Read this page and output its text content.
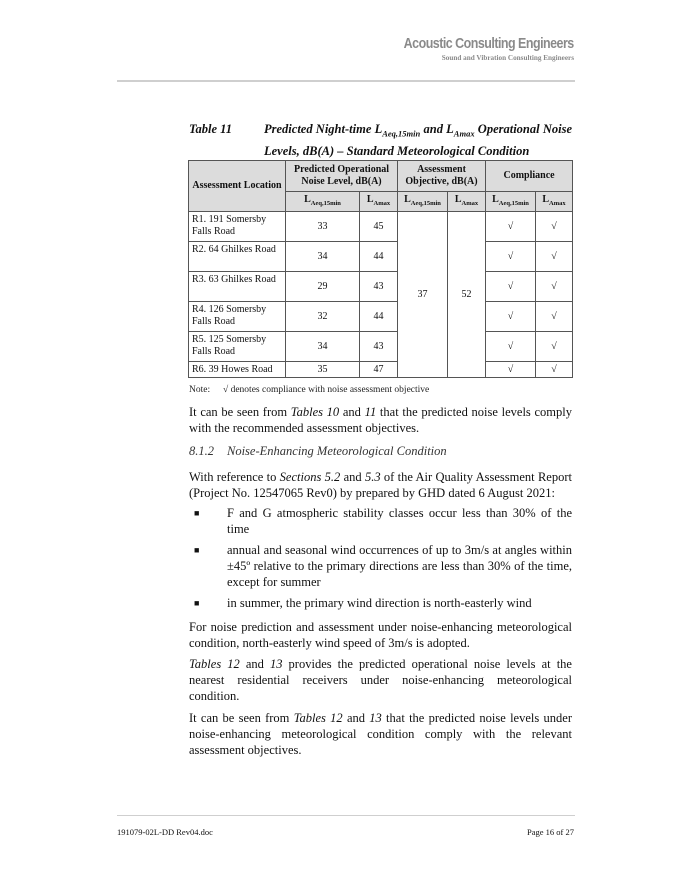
Acoustic Consulting Engineers
Sound and Vibration Consulting Engineers
Table 11	Predicted Night-time $L_{Aeq,15min}$ and $L_{Amax}$ Operational Noise Levels, dB(A) – Standard Meteorological Condition
Assessment Location	Predicted Operational Noise Level, dB(A)		Assessment Objective, dB(A)		Compliance	
	$L_{Aeq,15min}$	$L_{Amax}$	$L_{Aeq,15min}$	$L_{Amax}$	$L_{Aeq,15min}$	$L_{Amax}$
R1. 191 Somersby Falls Road	33	45	37	52	√	√
R2. 64 Ghilkes Road	34	44			√	√
R3. 63 Ghilkes Road	29	43			√	√
R4. 126 Somersby Falls Road	32	44			√	√
R5. 125 Somersby Falls Road	34	43			√	√
R6. 39 Howes Road	35	47			√	√
Note: √ denotes compliance with noise assessment objective
It can be seen from Tables 10 and 11 that the predicted noise levels comply with the recommended assessment objectives.
8.1.2 Noise-Enhancing Meteorological Condition
With reference to Sections 5.2 and 5.3 of the Air Quality Assessment Report (Project No. 12547065 Rev0) by prepared by GHD dated 6 August 2021:
■ F and G atmospheric stability classes occur less than 30% of the time
■ annual and seasonal wind occurrences of up to 3m/s at angles within ±45º relative to the primary directions are less than 30% of the time, except for summer
■ in summer, the primary wind direction is north-easterly wind
For noise prediction and assessment under noise-enhancing meteorological condition, north-easterly wind speed of 3m/s is adopted.
Tables 12 and 13 provides the predicted operational noise levels at the nearest residential receivers under noise-enhancing meteorological condition.
It can be seen from Tables 12 and 13 that the predicted noise levels under noise-enhancing meteorological condition comply with the relevant assessment objectives.
191079-02L-DD Rev04.doc	Page 16 of 27
